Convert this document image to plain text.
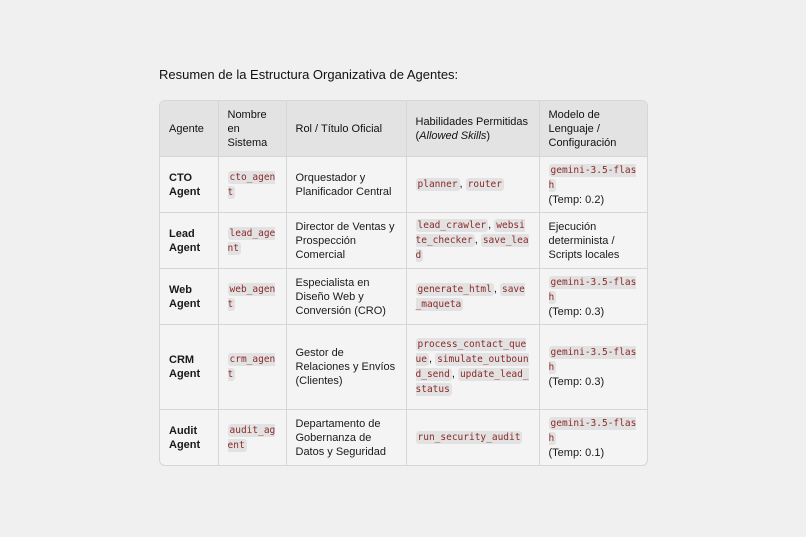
Resumen de la Estructura Organizativa de Agentes:
Agente	Nombre en Sistema	Rol / Título Oficial	Habilidades Permitidas (Allowed Skills)	Modelo de Lenguaje / Configuración
CTO Agent	cto_agent	Orquestador y Planificador Central	planner , router	gemini-3.5-flash
(Temp: 0.2)
Lead Agent	lead_agent	Director de Ventas y Prospección Comercial	lead_crawler , website_checker , save_lead	Ejecución determinista / Scripts locales
Web Agent	web_agent	Especialista en Diseño Web y Conversión (CRO)	generate_html , save_maqueta	gemini-3.5-flash
(Temp: 0.3)
CRM Agent	crm_agent	Gestor de Relaciones y Envíos (Clientes)	process_contact_queue , simulate_outbound_send , update_lead_status	gemini-3.5-flash
(Temp: 0.3)
Audit Agent	audit_agent	Departamento de Gobernanza de Datos y Seguridad	run_security_audit	gemini-3.5-flash
(Temp: 0.1)
